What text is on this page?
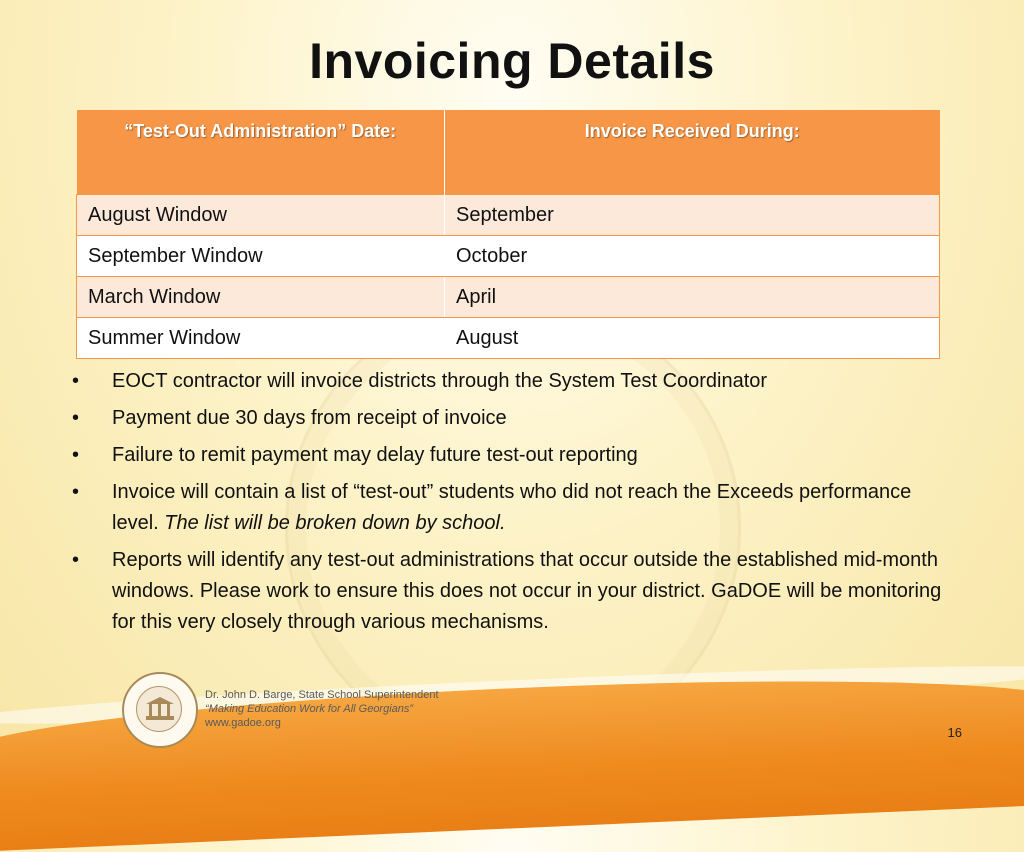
Invoicing Details
“Test-Out Administration” Date:	Invoice Received During:
August Window	September
September Window	October
March Window	April
Summer Window	August
• EOCT contractor will invoice districts through the System Test Coordinator
• Payment due 30 days from receipt of invoice
• Failure to remit payment may delay future test-out reporting
• Invoice will contain a list of “test-out” students who did not reach the Exceeds performance level. The list will be broken down by school.
• Reports will identify any test-out administrations that occur outside the established mid-month windows. Please work to ensure this does not occur in your district. GaDOE will be monitoring for this very closely through various mechanisms.
Dr. John D. Barge, State School Superintendent
“Making Education Work for All Georgians”
www.gadoe.org
16
